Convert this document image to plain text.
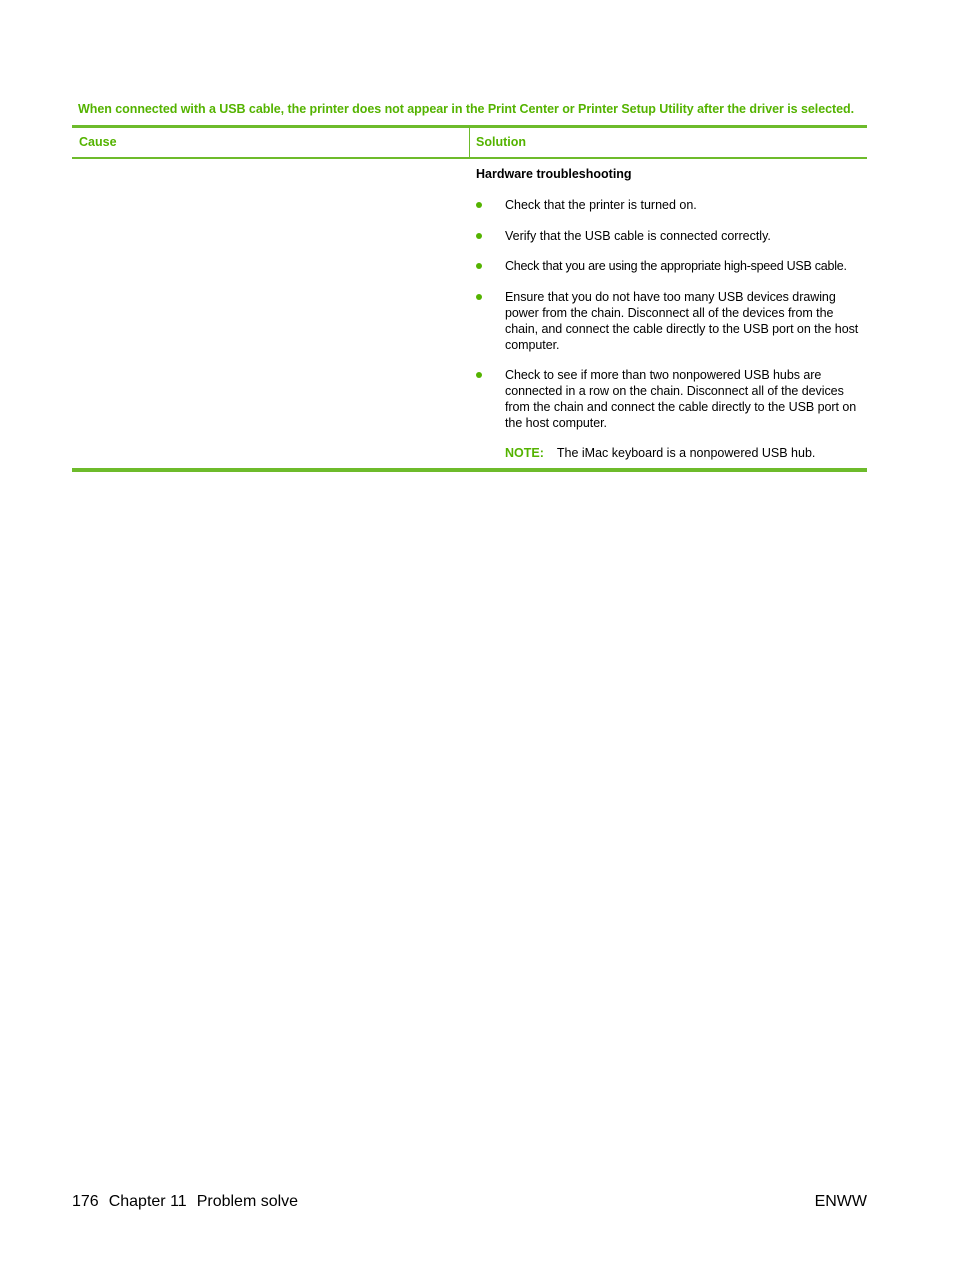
When connected with a USB cable, the printer does not appear in the Print Center or Printer Setup Utility after the driver is selected.
Cause	Solution
Hardware troubleshooting
Check that the printer is turned on.
Verify that the USB cable is connected correctly.
Check that you are using the appropriate high-speed USB cable.
Ensure that you do not have too many USB devices drawing power from the chain. Disconnect all of the devices from the chain, and connect the cable directly to the USB port on the host computer.
Check to see if more than two nonpowered USB hubs are connected in a row on the chain. Disconnect all of the devices from the chain and connect the cable directly to the USB port on the host computer.
NOTE: The iMac keyboard is a nonpowered USB hub.
176 Chapter 11 Problem solve	ENWW
